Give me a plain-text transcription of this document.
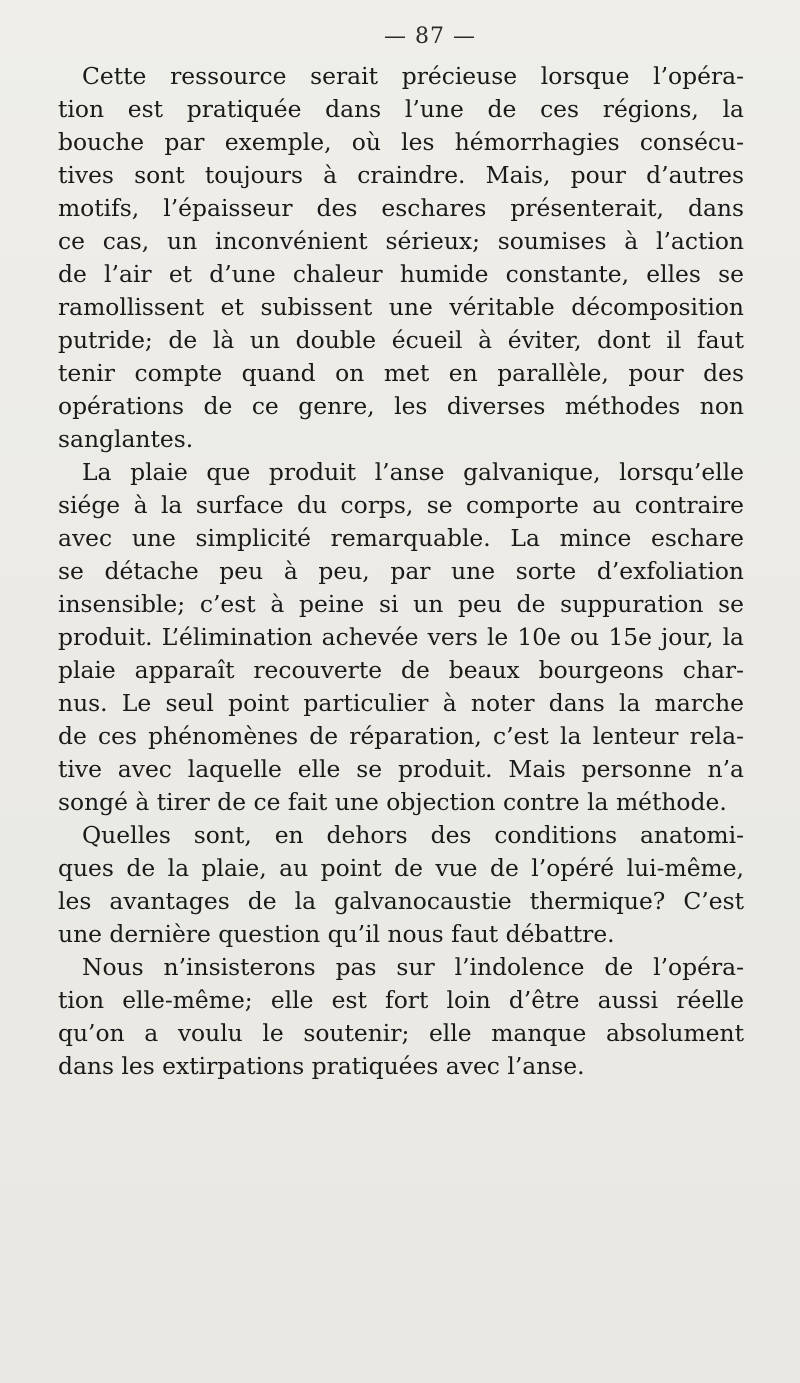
— 87 —
Cette ressource serait précieuse lorsque l’opéra-
tion est pratiquée dans l’une de ces régions, la
bouche par exemple, où les hémorrhagies consécu-
tives sont toujours à craindre. Mais, pour d’autres
motifs, l’épaisseur des eschares présenterait, dans
ce cas, un inconvénient sérieux; soumises à l’action
de l’air et d’une chaleur humide constante, elles se
ramollissent et subissent une véritable décomposition
putride; de là un double écueil à éviter, dont il faut
tenir compte quand on met en parallèle, pour des
opérations de ce genre, les diverses méthodes non
sanglantes.
La plaie que produit l’anse galvanique, lorsqu’elle
siége à la surface du corps, se comporte au contraire
avec une simplicité remarquable. La mince eschare
se détache peu à peu, par une sorte d’exfoliation
insensible; c’est à peine si un peu de suppuration se
produit. L’élimination achevée vers le 10e ou 15e jour, la
plaie apparaît recouverte de beaux bourgeons char-
nus. Le seul point particulier à noter dans la marche
de ces phénomènes de réparation, c’est la lenteur rela-
tive avec laquelle elle se produit. Mais personne n’a
songé à tirer de ce fait une objection contre la méthode.
Quelles sont, en dehors des conditions anatomi-
ques de la plaie, au point de vue de l’opéré lui-même,
les avantages de la galvanocaustie thermique? C’est
une dernière question qu’il nous faut débattre.
Nous n’insisterons pas sur l’indolence de l’opéra-
tion elle-même; elle est fort loin d’être aussi réelle
qu’on a voulu le soutenir; elle manque absolument
dans les extirpations pratiquées avec l’anse.
